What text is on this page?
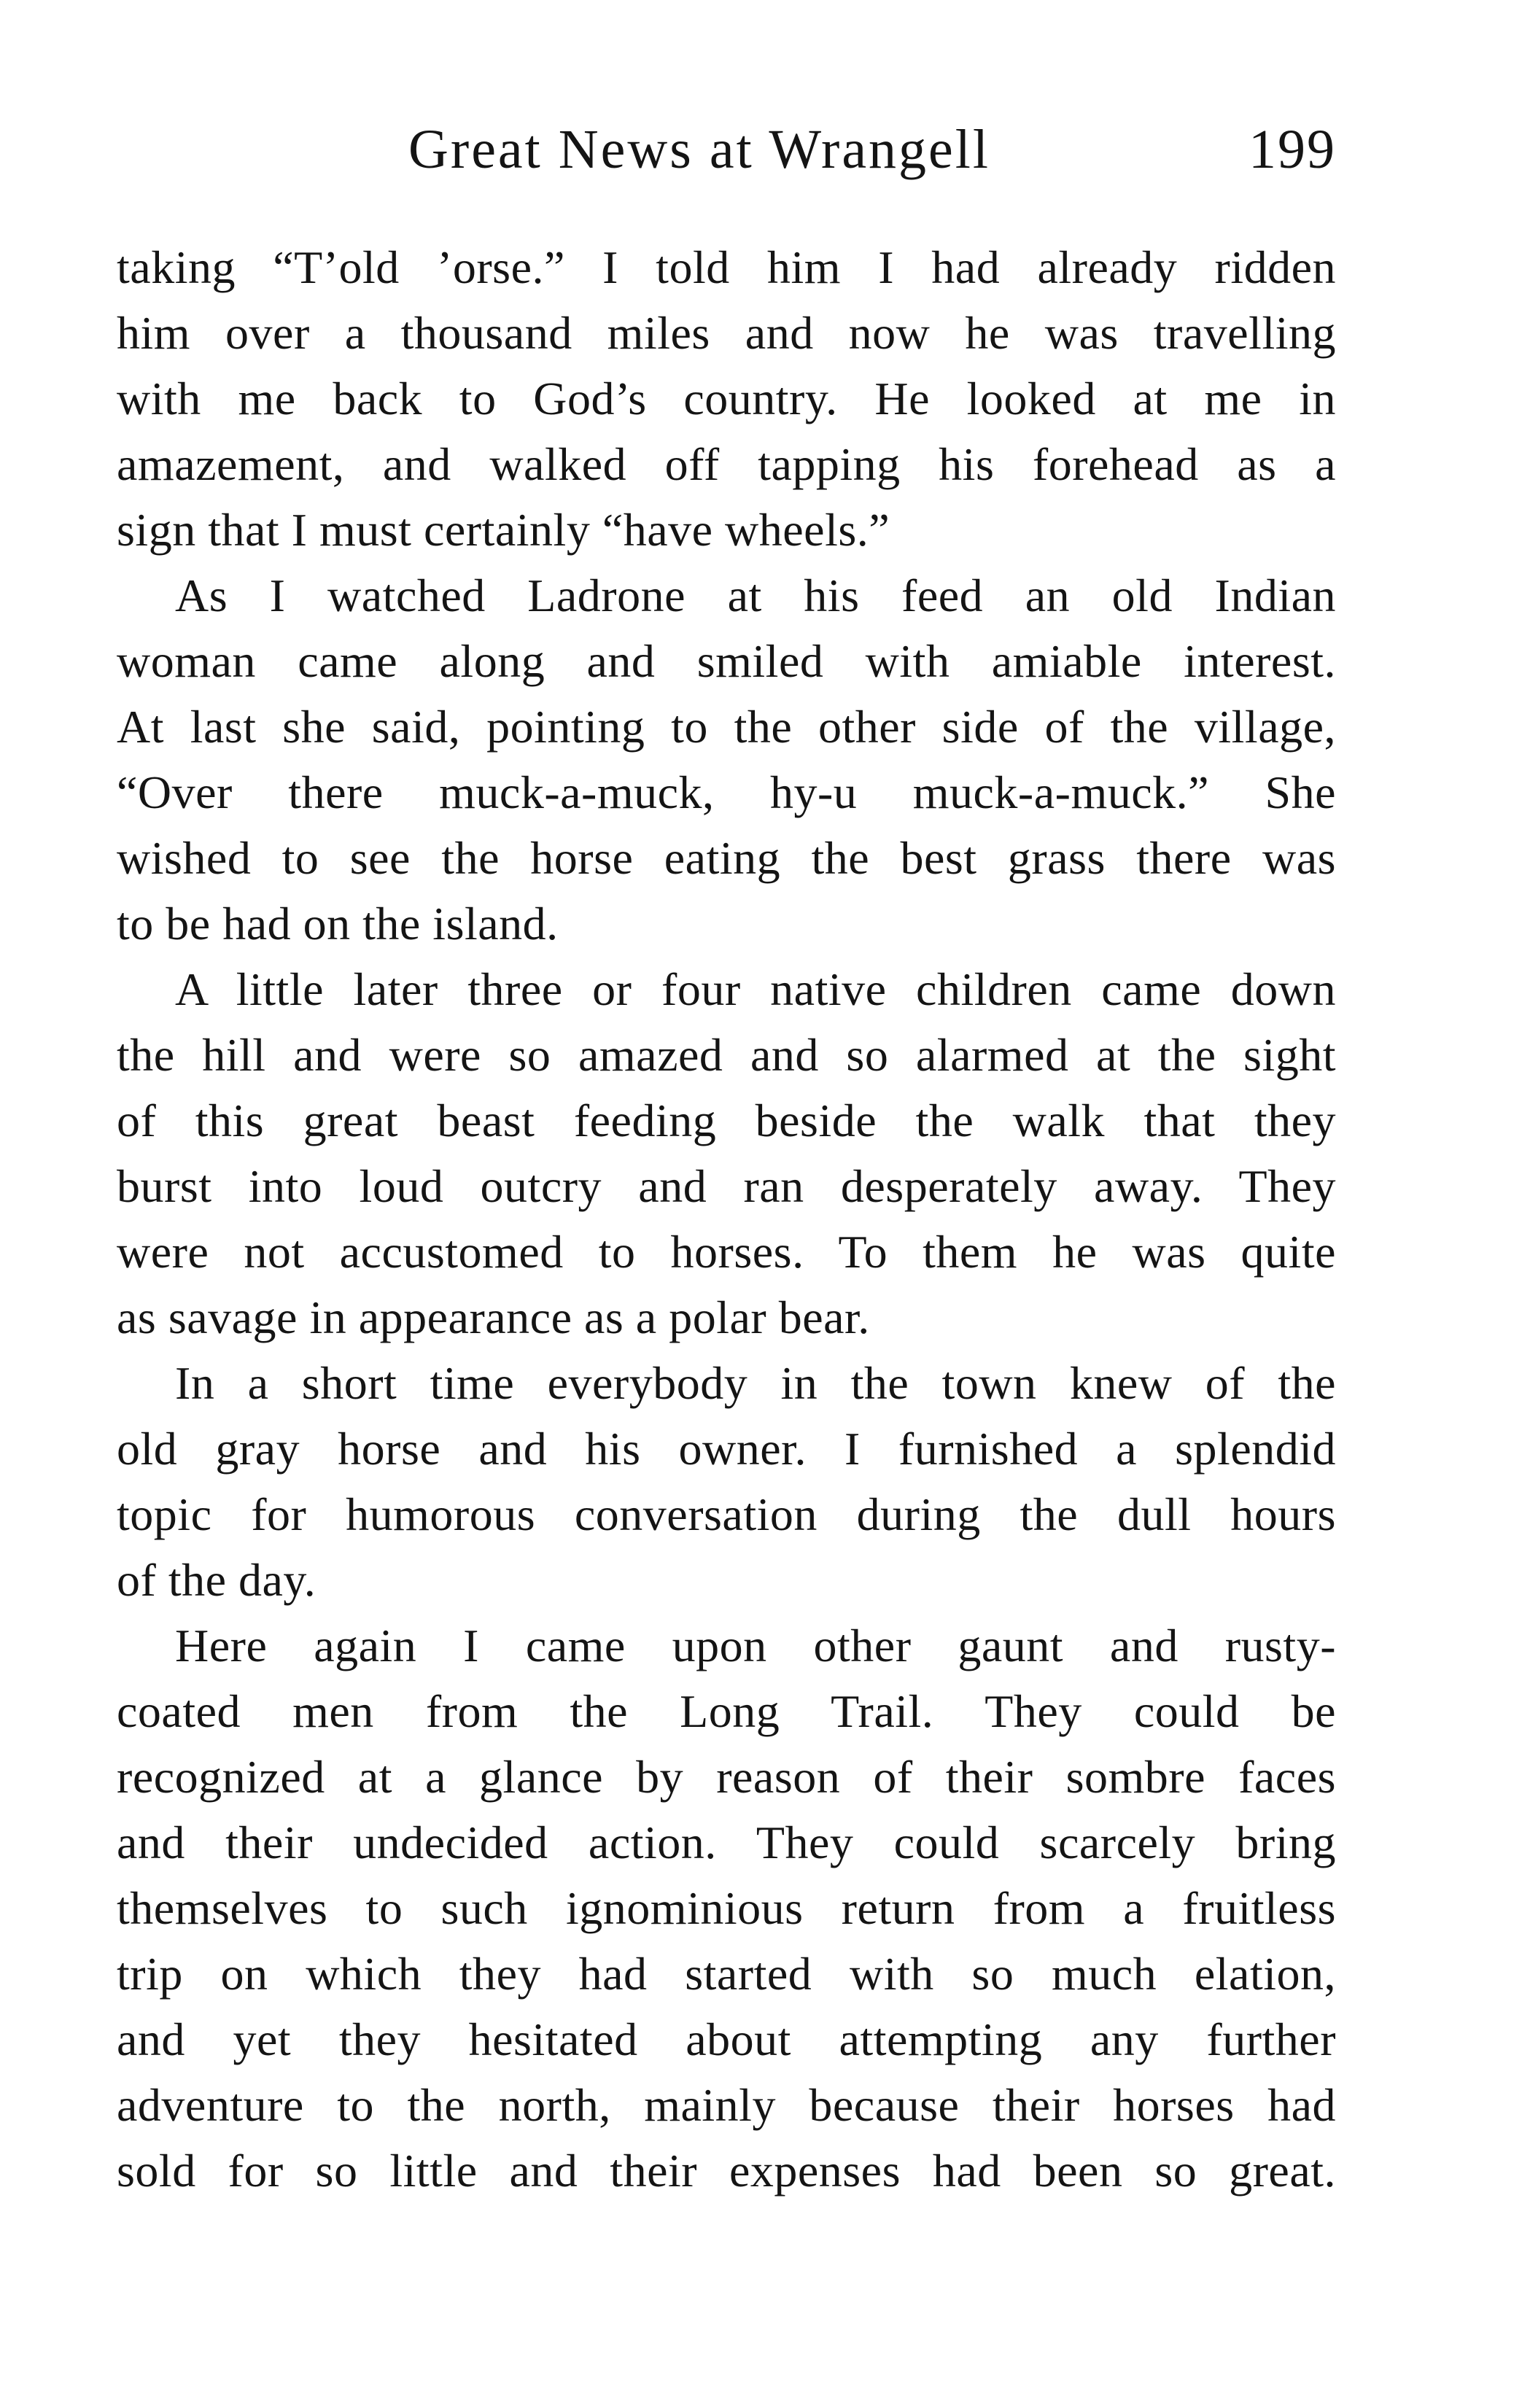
Great News at Wrangell	199
taking “T’old ’orse.” I told him I had already ridden
him over a thousand miles and now he was travelling
with me back to God’s country. He looked at me in
amazement, and walked off tapping his forehead as a
sign that I must certainly “have wheels.”
As I watched Ladrone at his feed an old Indian
woman came along and smiled with amiable interest.
At last she said, pointing to the other side of the village,
“Over there muck-a-muck, hy-u muck-a-muck.” She
wished to see the horse eating the best grass there was
to be had on the island.
A little later three or four native children came down
the hill and were so amazed and so alarmed at the sight
of this great beast feeding beside the walk that they
burst into loud outcry and ran desperately away. They
were not accustomed to horses. To them he was quite
as savage in appearance as a polar bear.
In a short time everybody in the town knew of the
old gray horse and his owner. I furnished a splendid
topic for humorous conversation during the dull hours
of the day.
Here again I came upon other gaunt and rusty-
coated men from the Long Trail. They could be
recognized at a glance by reason of their sombre faces
and their undecided action. They could scarcely bring
themselves to such ignominious return from a fruitless
trip on which they had started with so much elation,
and yet they hesitated about attempting any further
adventure to the north, mainly because their horses had
sold for so little and their expenses had been so great.
